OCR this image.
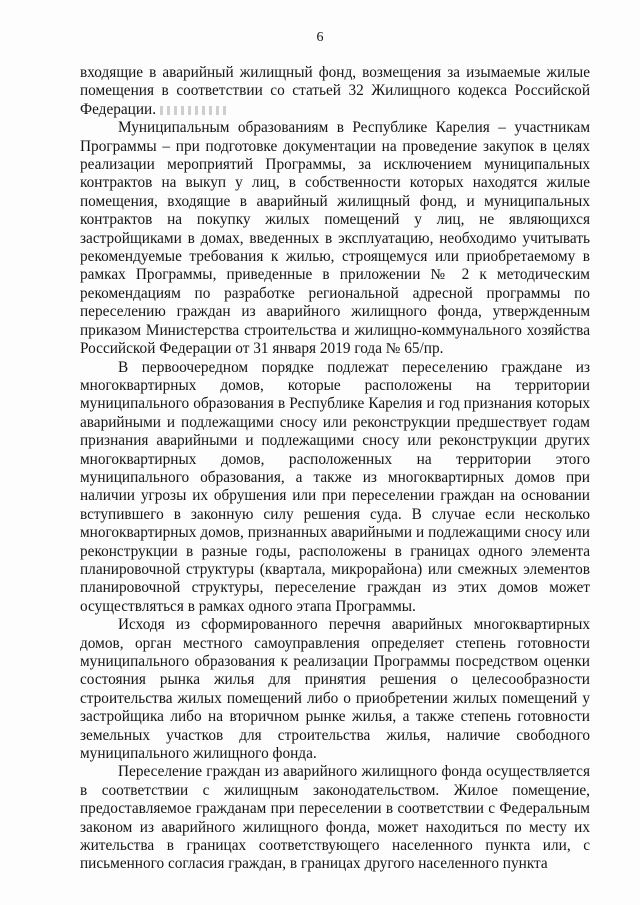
6

входящие в аварийный жилищный фонд, возмещения за изымаемые жилые помещения в соответствии со статьей 32 Жилищного кодекса Российской Федерации.

Муниципальным образованиям в Республике Карелия – участникам Программы – при подготовке документации на проведение закупок в целях реализации мероприятий Программы, за исключением муниципальных контрактов на выкуп у лиц, в собственности которых находятся жилые помещения, входящие в аварийный жилищный фонд, и муниципальных контрактов на покупку жилых помещений у лиц, не являющихся застройщиками в домах, введенных в эксплуатацию, необходимо учитывать рекомендуемые требования к жилью, строящемуся или приобретаемому в рамках Программы, приведенные в приложении № 2 к методическим рекомендациям по разработке региональной адресной программы по переселению граждан из аварийного жилищного фонда, утвержденным приказом Министерства строительства и жилищно-коммунального хозяйства Российской Федерации от 31 января 2019 года № 65/пр.

В первоочередном порядке подлежат переселению граждане из многоквартирных домов, которые расположены на территории муниципального образования в Республике Карелия и год признания которых аварийными и подлежащими сносу или реконструкции предшествует годам признания аварийными и подлежащими сносу или реконструкции других многоквартирных домов, расположенных на территории этого муниципального образования, а также из многоквартирных домов при наличии угрозы их обрушения или при переселении граждан на основании вступившего в законную силу решения суда. В случае если несколько многоквартирных домов, признанных аварийными и подлежащими сносу или реконструкции в разные годы, расположены в границах одного элемента планировочной структуры (квартала, микрорайона) или смежных элементов планировочной структуры, переселение граждан из этих домов может осуществляться в рамках одного этапа Программы.

Исходя из сформированного перечня аварийных многоквартирных домов, орган местного самоуправления определяет степень готовности муниципального образования к реализации Программы посредством оценки состояния рынка жилья для принятия решения о целесообразности строительства жилых помещений либо о приобретении жилых помещений у застройщика либо на вторичном рынке жилья, а также степень готовности земельных участков для строительства жилья, наличие свободного муниципального жилищного фонда.

Переселение граждан из аварийного жилищного фонда осуществляется в соответствии с жилищным законодательством. Жилое помещение, предоставляемое гражданам при переселении в соответствии с Федеральным законом из аварийного жилищного фонда, может находиться по месту их жительства в границах соответствующего населенного пункта или, с письменного согласия граждан, в границах другого населенного пункта
